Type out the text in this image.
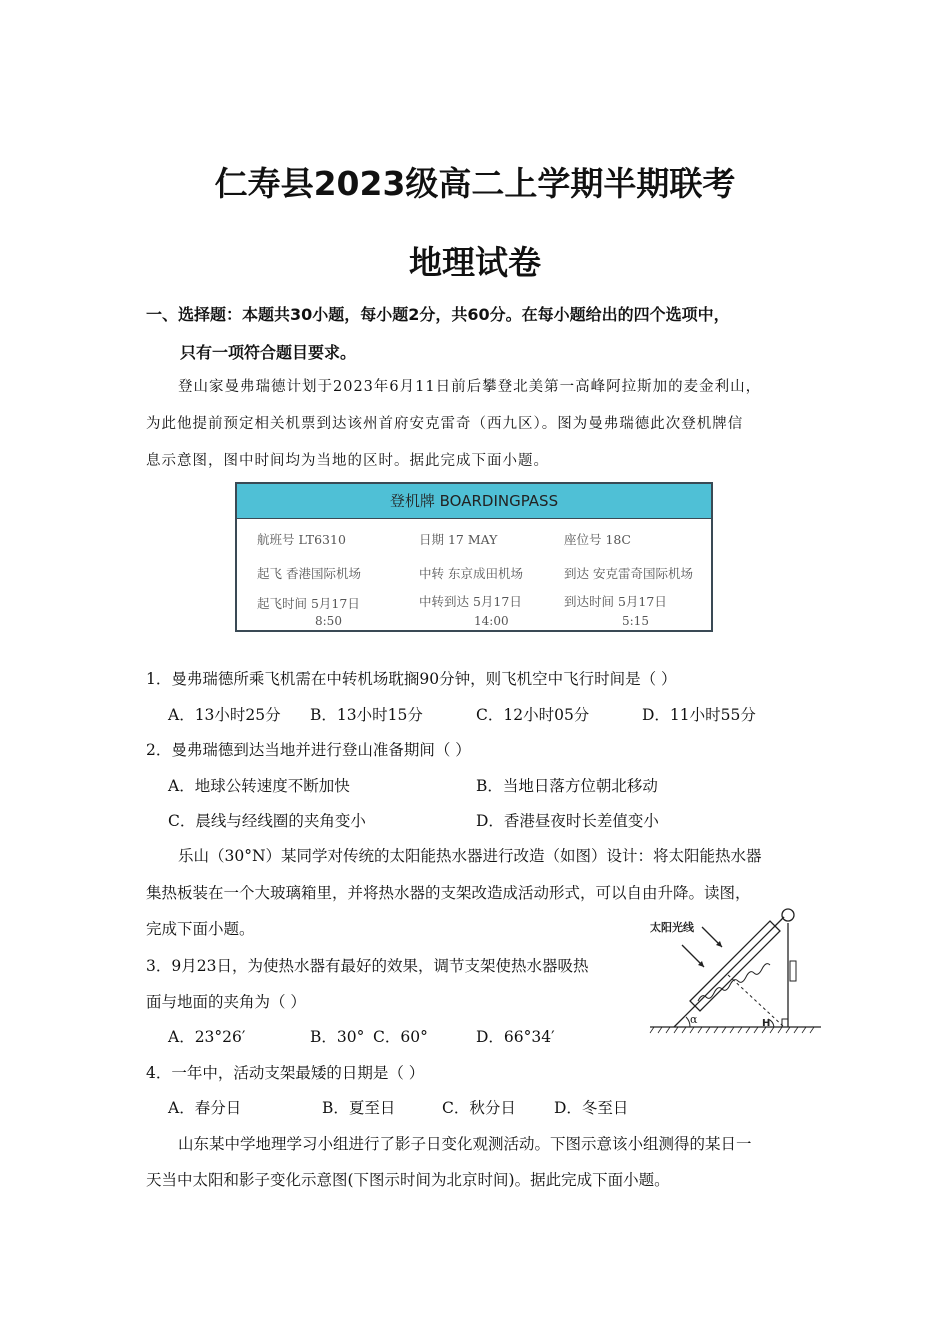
仁寿县2023级高二上学期半期联考
地理试卷
一、选择题：本题共30小题，每小题2分，共60分。在每小题给出的四个选项中，
只有一项符合题目要求。
登山家曼弗瑞德计划于2023年6月11日前后攀登北美第一高峰阿拉斯加的麦金利山，
为此他提前预定相关机票到达该州首府安克雷奇（西九区）。图为曼弗瑞德此次登机牌信
息示意图，图中时间均为当地的区时。据此完成下面小题。
登机牌 BOARDINGPASS
航班号 LT6310	日期 17 MAY	座位号 18C
起飞 香港国际机场	中转 东京成田机场	到达 安克雷奇国际机场
起飞时间 5月17日	中转到达 5月17日	到达时间 5月17日
8:50	14:00	5:15
1．曼弗瑞德所乘飞机需在中转机场耽搁90分钟，则飞机空中飞行时间是（ ）
A．13小时25分 B．13小时15分	C．12小时05分	D．11小时55分
2．曼弗瑞德到达当地并进行登山准备期间（ ）
A．地球公转速度不断加快	B．当地日落方位朝北移动
C．晨线与经线圈的夹角变小	D．香港昼夜时长差值变小
乐山（30°N）某同学对传统的太阳能热水器进行改造（如图）设计：将太阳能热水器
集热板装在一个大玻璃箱里，并将热水器的支架改造成活动形式，可以自由升降。读图，
完成下面小题。
3．9月23日，为使热水器有最好的效果，调节支架使热水器吸热
面与地面的夹角为（ ）
A．23°26′	B．30° C．60°	D．66°34′
4．一年中，活动支架最矮的日期是（ ）
A．春分日	B．夏至日	C．秋分日 D．冬至日
山东某中学地理学习小组进行了影子日变化观测活动。下图示意该小组测得的某日一
天当中太阳和影子变化示意图(下图示时间为北京时间)。据此完成下面小题。
太阳光线
α	H
